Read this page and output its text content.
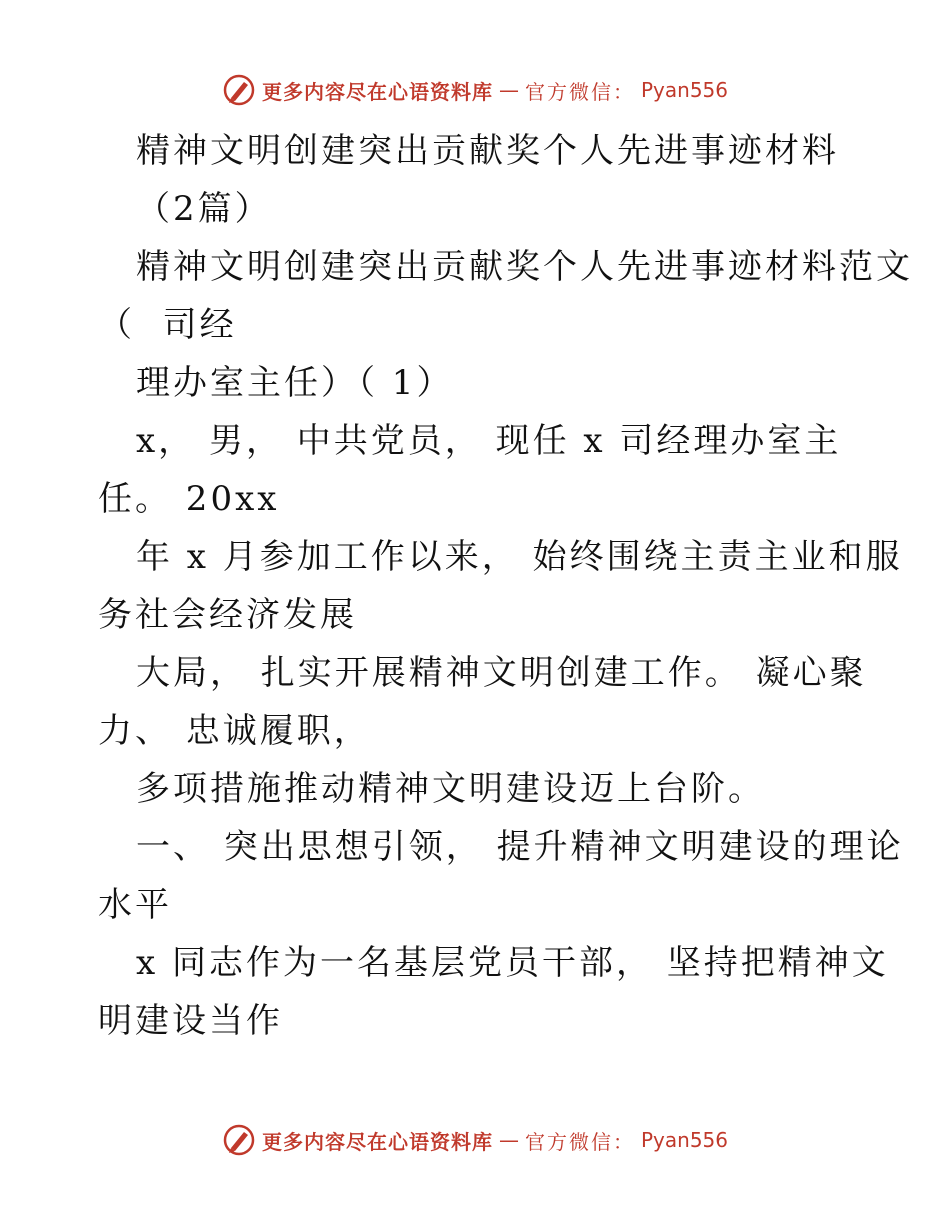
更多内容尽在心语资料库 — 官方微信： Pyan556
精神文明创建突出贡献奖个人先进事迹材料
（2篇）
精神文明创建突出贡献奖个人先进事迹材料范文
（  司经
理办室主任）（ 1）
x， 男， 中共党员， 现任 x 司经理办室主
任。 20xx
年 x 月参加工作以来， 始终围绕主责主业和服
务社会经济发展
大局， 扎实开展精神文明创建工作。 凝心聚
力、 忠诚履职，
多项措施推动精神文明建设迈上台阶。
一、 突出思想引领， 提升精神文明建设的理论
水平
x 同志作为一名基层党员干部， 坚持把精神文
明建设当作
更多内容尽在心语资料库 — 官方微信： Pyan556
